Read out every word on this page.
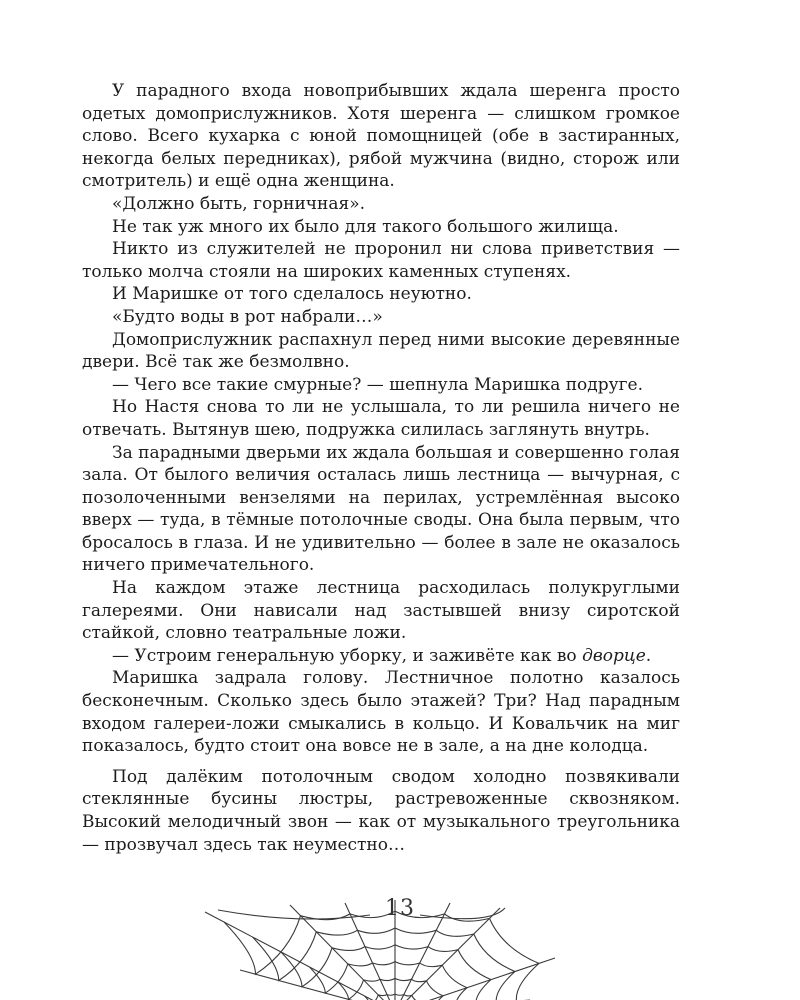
У парадного входа новоприбывших ждала шеренга просто одетых домоприслужников. Хотя шеренга — слишком громкое слово. Всего кухарка с юной помощницей (обе в застиранных, некогда белых передниках), рябой мужчина (видно, сторож или смотритель) и ещё одна женщина.

«Должно быть, горничная».

Не так уж много их было для такого большого жилища.

Никто из служителей не проронил ни слова приветствия — только молча стояли на широких каменных ступенях.

И Маришке от того сделалось неуютно.

«Будто воды в рот набрали…»

Домоприслужник распахнул перед ними высокие деревянные двери. Всё так же безмолвно.

— Чего все такие смурные? — шепнула Маришка подруге.

Но Настя снова то ли не услышала, то ли решила ничего не отвечать. Вытянув шею, подружка силилась заглянуть внутрь.

За парадными дверьми их ждала большая и совершенно голая зала. От былого величия осталась лишь лестница — вычурная, с позолоченными вензелями на перилах, устремлённая высоко вверх — туда, в тёмные потолочные своды. Она была первым, что бросалось в глаза. И не удивительно — более в зале не оказалось ничего примечательного.

На каждом этаже лестница расходилась полукруглыми галереями. Они нависали над застывшей внизу сиротской стайкой, словно театральные ложи.

— Устроим генеральную уборку, и заживёте как во дворце.

Маришка задрала голову. Лестничное полотно казалось бесконечным. Сколько здесь было этажей? Три? Над парадным входом галереи-ложи смыкались в кольцо. И Ковальчик на миг показалось, будто стоит она вовсе не в зале, а на дне колодца.

Под далёким потолочным сводом холодно позвякивали стеклянные бусины люстры, растревоженные сквозняком. Высокий мелодичный звон — как от музыкального треугольника — прозвучал здесь так неуместно…

13
